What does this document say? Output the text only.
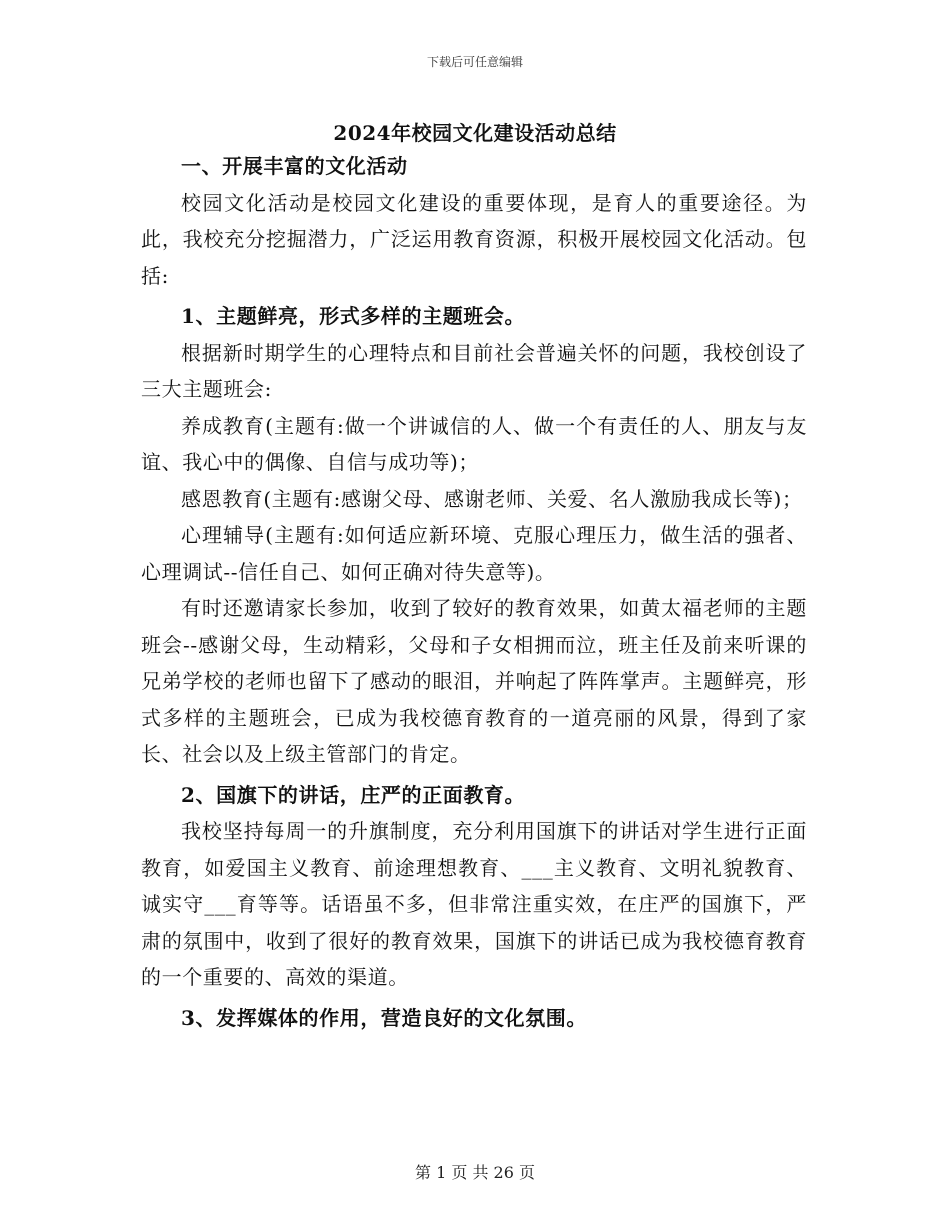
下载后可任意编辑
2024年校园文化建设活动总结

一、开展丰富的文化活动

校园文化活动是校园文化建设的重要体现，是育人的重要途径。为此，我校充分挖掘潜力，广泛运用教育资源，积极开展校园文化活动。包括:

1、主题鲜亮，形式多样的主题班会。

根据新时期学生的心理特点和目前社会普遍关怀的问题，我校创设了三大主题班会:

养成教育(主题有:做一个讲诚信的人、做一个有责任的人、朋友与友谊、我心中的偶像、自信与成功等)；

感恩教育(主题有:感谢父母、感谢老师、关爱、名人激励我成长等)；

心理辅导(主题有:如何适应新环境、克服心理压力，做生活的强者、心理调试--信任自己、如何正确对待失意等)。

有时还邀请家长参加，收到了较好的教育效果，如黄太福老师的主题班会--感谢父母，生动精彩，父母和子女相拥而泣，班主任及前来听课的兄弟学校的老师也留下了感动的眼泪，并响起了阵阵掌声。主题鲜亮，形式多样的主题班会，已成为我校德育教育的一道亮丽的风景，得到了家长、社会以及上级主管部门的肯定。

2、国旗下的讲话，庄严的正面教育。

我校坚持每周一的升旗制度，充分利用国旗下的讲话对学生进行正面教育，如爱国主义教育、前途理想教育、___主义教育、文明礼貌教育、诚实守___育等等。话语虽不多，但非常注重实效，在庄严的国旗下，严肃的氛围中，收到了很好的教育效果，国旗下的讲话已成为我校德育教育的一个重要的、高效的渠道。

3、发挥媒体的作用，营造良好的文化氛围。

第 1 页 共 26 页
